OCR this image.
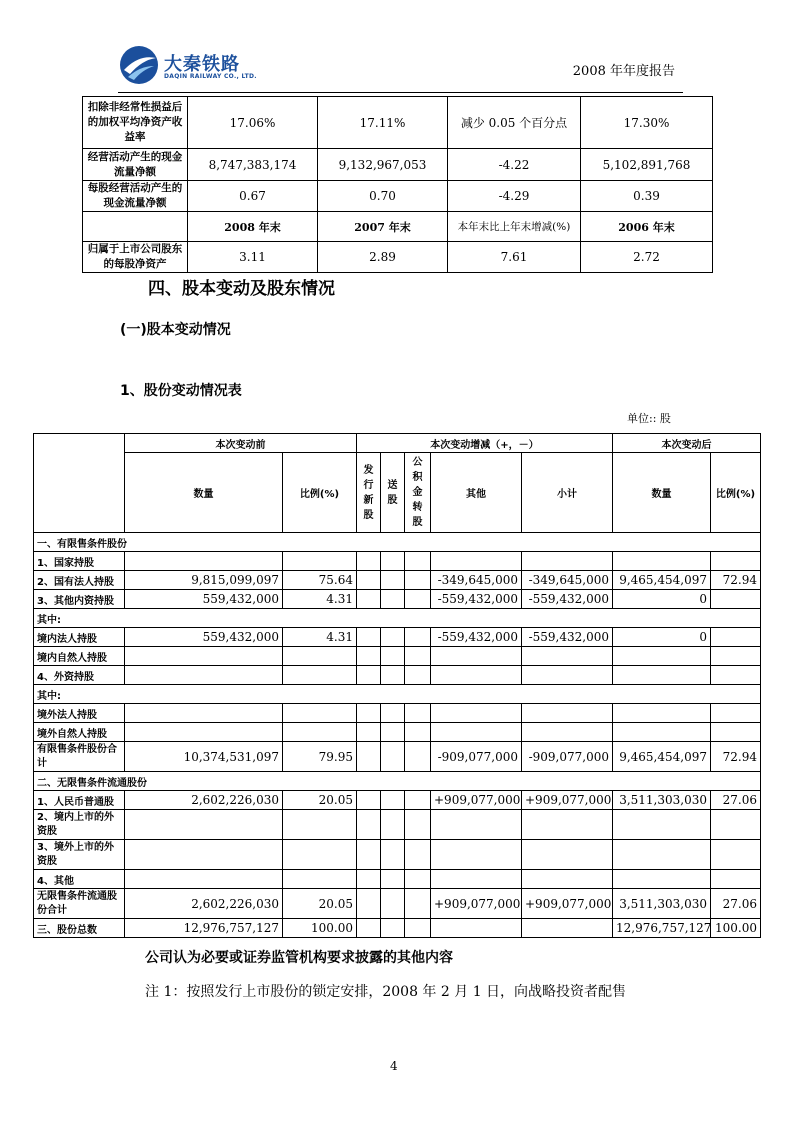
大秦铁路
DAQIN RAILWAY CO., LTD.	2008 年年度报告
扣除非经常性损益后的加权平均净资产收益率	17.06%	17.11%	减少 0.05 个百分点	17.30%
经营活动产生的现金流量净额	8,747,383,174	9,132,967,053	-4.22	5,102,891,768
每股经营活动产生的现金流量净额	0.67	0.70	-4.29	0.39
	2008 年末	2007 年末	本年末比上年末增减(%)	2006 年末
归属于上市公司股东的每股净资产	3.11	2.89	7.61	2.72
四、股本变动及股东情况
(一)股本变动情况
1、股份变动情况表
单位:: 股
	本次变动前		本次变动增减（+，－）					本次变动后	
	数量	比例(%)	发行新股	送股	公积金转股	其他	小计	数量	比例(%)
一、有限售条件股份									
1、国家持股									
2、国有法人持股	9,815,099,097	75.64				-349,645,000	-349,645,000	9,465,454,097	72.94
3、其他内资持股	559,432,000	4.31				-559,432,000	-559,432,000	0	
其中:									
境内法人持股	559,432,000	4.31				-559,432,000	-559,432,000	0	
境内自然人持股									
4、外资持股									
其中:									
境外法人持股									
境外自然人持股									
有限售条件股份合计	10,374,531,097	79.95				-909,077,000	-909,077,000	9,465,454,097	72.94
二、无限售条件流通股份									
1、人民币普通股	2,602,226,030	20.05				+909,077,000	+909,077,000	3,511,303,030	27.06
2、境内上市的外资股									
3、境外上市的外资股									
4、其他									
无限售条件流通股份合计	2,602,226,030	20.05				+909,077,000	+909,077,000	3,511,303,030	27.06
三、股份总数	12,976,757,127	100.00						12,976,757,127	100.00
公司认为必要或证券监管机构要求披露的其他内容
注 1：按照发行上市股份的锁定安排，2008 年 2 月 1 日，向战略投资者配售
4
